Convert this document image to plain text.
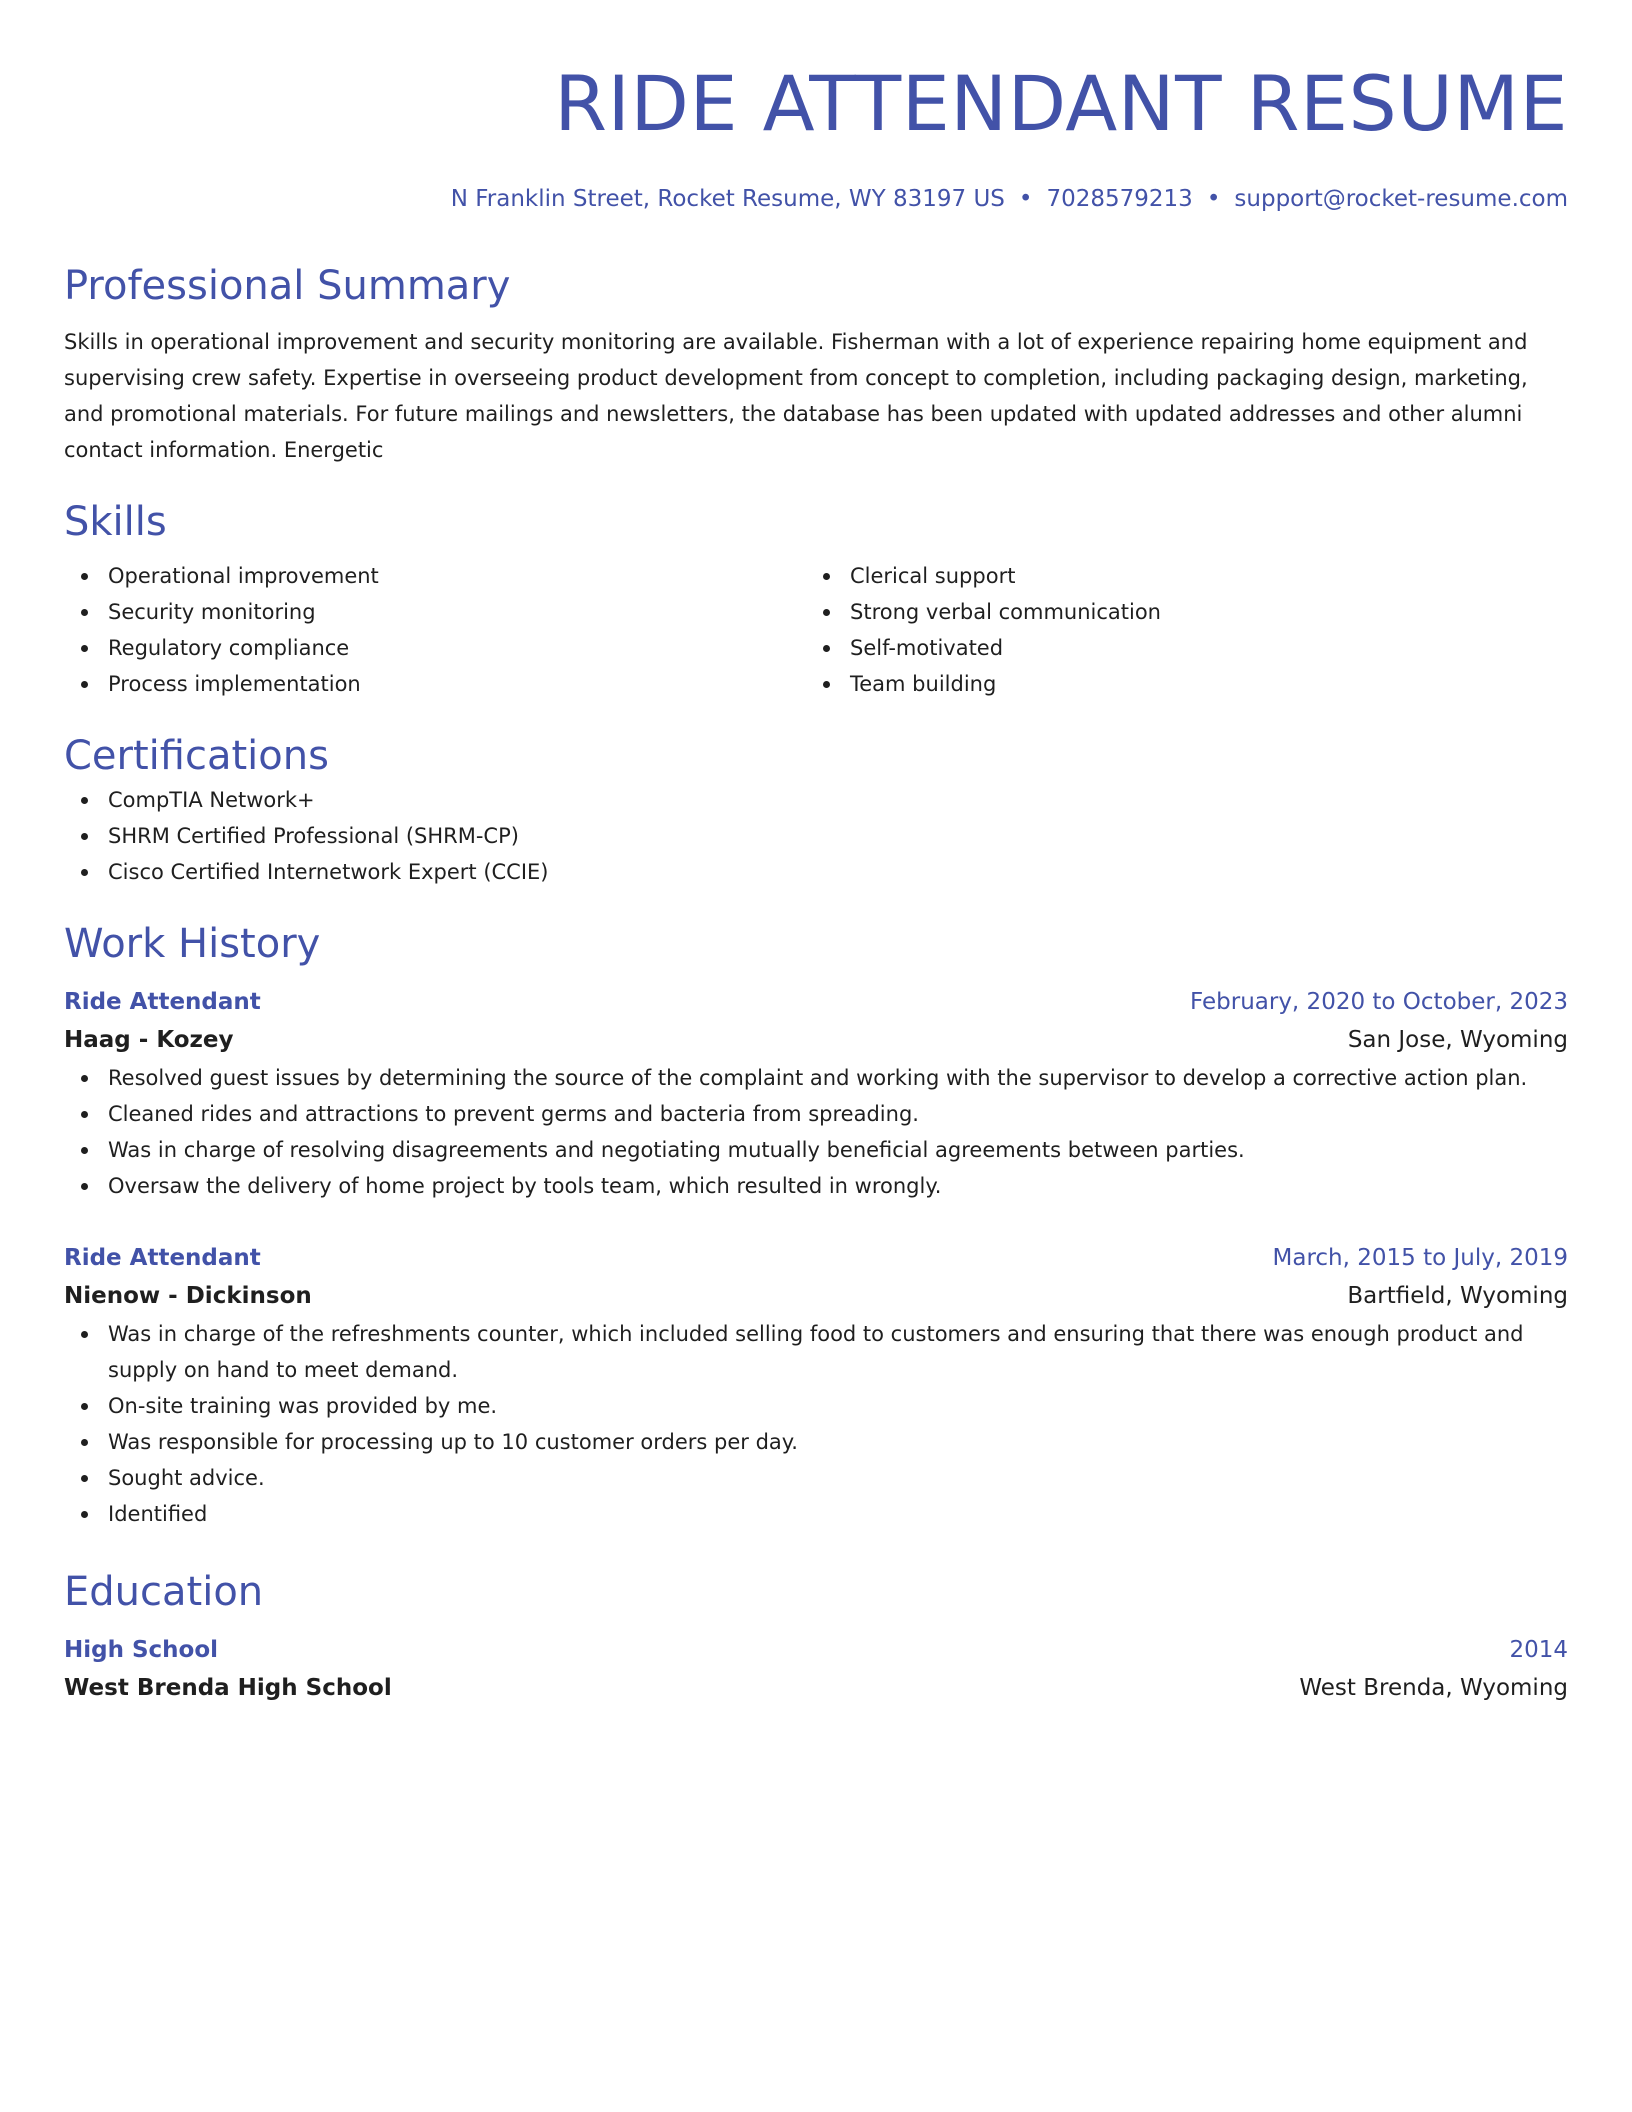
RIDE ATTENDANT RESUME
N Franklin Street, Rocket Resume, WY 83197 US • 7028579213 • support@rocket-resume.com
Professional Summary
Skills in operational improvement and security monitoring are available. Fisherman with a lot of experience repairing home equipment and supervising crew safety. Expertise in overseeing product development from concept to completion, including packaging design, marketing, and promotional materials. For future mailings and newsletters, the database has been updated with updated addresses and other alumni contact information. Energetic
Skills
Operational improvement
Security monitoring
Regulatory compliance
Process implementation
Clerical support
Strong verbal communication
Self-motivated
Team building
Certifications
CompTIA Network+
SHRM Certified Professional (SHRM-CP)
Cisco Certified Internetwork Expert (CCIE)
Work History
Ride Attendant	February, 2020 to October, 2023
Haag - Kozey	San Jose, Wyoming
Resolved guest issues by determining the source of the complaint and working with the supervisor to develop a corrective action plan.
Cleaned rides and attractions to prevent germs and bacteria from spreading.
Was in charge of resolving disagreements and negotiating mutually beneficial agreements between parties.
Oversaw the delivery of home project by tools team, which resulted in wrongly.
Ride Attendant	March, 2015 to July, 2019
Nienow - Dickinson	Bartfield, Wyoming
Was in charge of the refreshments counter, which included selling food to customers and ensuring that there was enough product and supply on hand to meet demand.
On-site training was provided by me.
Was responsible for processing up to 10 customer orders per day.
Sought advice.
Identified
Education
High School	2014
West Brenda High School	West Brenda, Wyoming
